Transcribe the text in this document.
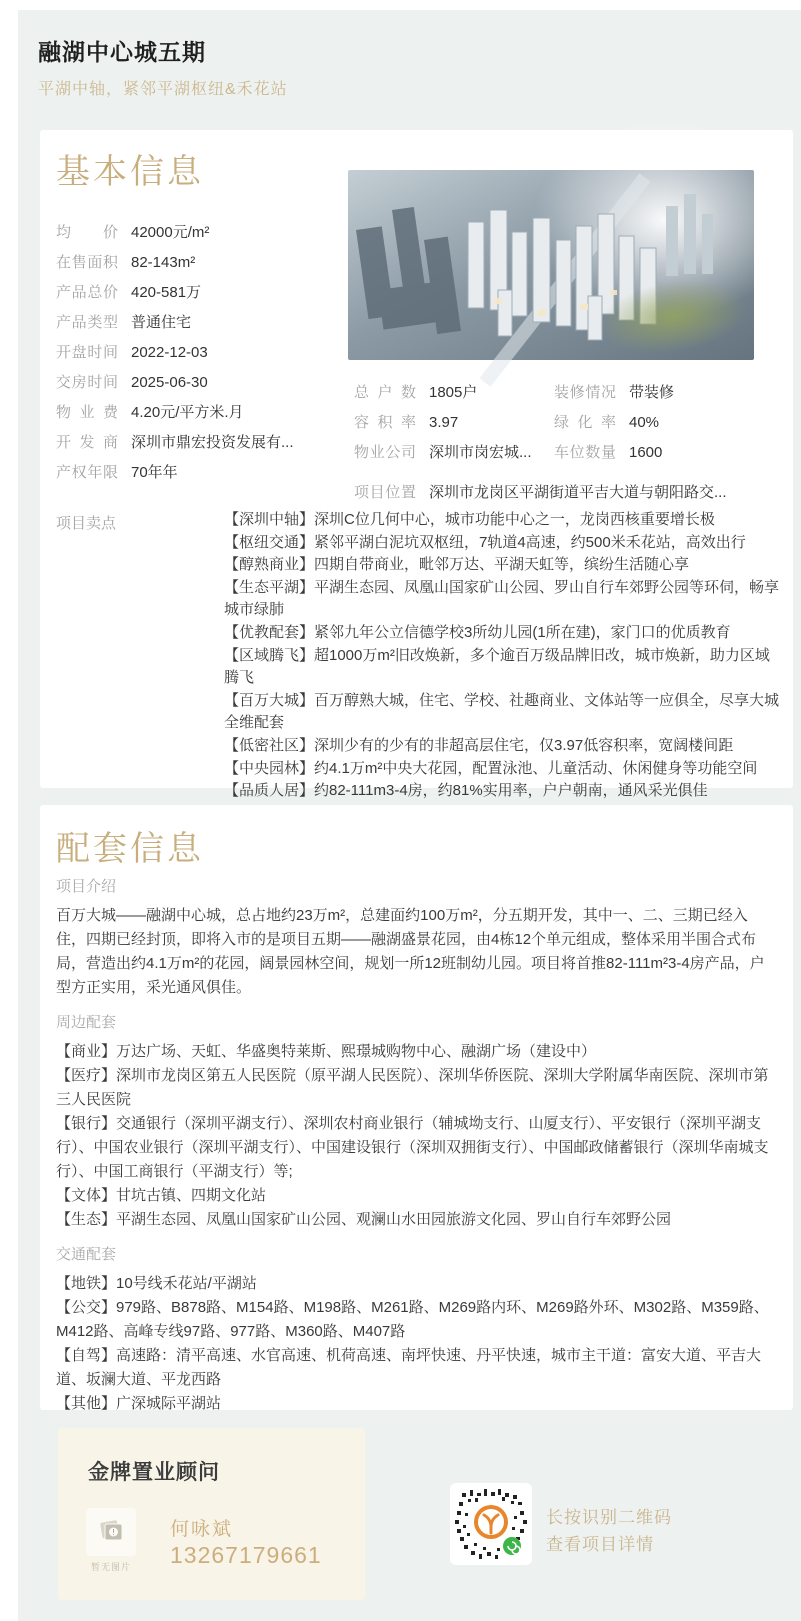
融湖中心城五期
平湖中轴，紧邻平湖枢纽&禾花站
基本信息
均价 42000元/m²
在售面积 82-143m²
产品总价 420-581万
产品类型 普通住宅
开盘时间 2022-12-03
交房时间 2025-06-30
物业费 4.20元/平方米.月
开发商 深圳市鼎宏投资发展有...
产权年限 70年年
总户数 1805户	装修情况 带装修
容积率 3.97	绿化率 40%
物业公司 深圳市岗宏城...	车位数量 1600
项目位置 深圳市龙岗区平湖街道平吉大道与朝阳路交...
项目卖点	【深圳中轴】深圳C位几何中心，城市功能中心之一，龙岗西核重要增长极
【枢纽交通】紧邻平湖白泥坑双枢纽，7轨道4高速，约500米禾花站，高效出行
【醇熟商业】四期自带商业，毗邻万达、平湖天虹等，缤纷生活随心享
【生态平湖】平湖生态园、凤凰山国家矿山公园、罗山自行车郊野公园等环伺，畅享城市绿肺
【优教配套】紧邻九年公立信德学校3所幼儿园(1所在建)，家门口的优质教育
【区域腾飞】超1000万m²旧改焕新，多个逾百万级品牌旧改，城市焕新，助力区域腾飞
【百万大城】百万醇熟大城，住宅、学校、社趣商业、文体站等一应俱全，尽享大城全维配套
【低密社区】深圳少有的少有的非超高层住宅，仅3.97低容积率，宽阔楼间距
【中央园林】约4.1万m²中央大花园，配置泳池、儿童活动、休闲健身等功能空间
【品质人居】约82-111m3-4房，约81%实用率，户户朝南，通风采光俱佳
配套信息
项目介绍
百万大城——融湖中心城，总占地约23万m²，总建面约100万m²，分五期开发，其中一、二、三期已经入住，四期已经封顶，即将入市的是项目五期——融湖盛景花园，由4栋12个单元组成，整体采用半围合式布局，营造出约4.1万m²的花园，阔景园林空间，规划一所12班制幼儿园。项目将首推82-111m²3-4房产品，户型方正实用，采光通风俱佳。
周边配套
【商业】万达广场、天虹、华盛奥特莱斯、熙璟城购物中心、融湖广场（建设中）
【医疗】深圳市龙岗区第五人民医院（原平湖人民医院）、深圳华侨医院、深圳大学附属华南医院、深圳市第三人民医院
【银行】交通银行（深圳平湖支行）、深圳农村商业银行（辅城坳支行、山厦支行）、平安银行（深圳平湖支行）、中国农业银行（深圳平湖支行）、中国建设银行（深圳双拥街支行）、中国邮政储蓄银行（深圳华南城支行）、中国工商银行（平湖支行）等;
【文体】甘坑古镇、四期文化站
【生态】平湖生态园、凤凰山国家矿山公园、观澜山水田园旅游文化园、罗山自行车郊野公园
交通配套
【地铁】10号线禾花站/平湖站
【公交】979路、B878路、M154路、M198路、M261路、M269路内环、M269路外环、M302路、M359路、M412路、高峰专线97路、977路、M360路、M407路
【自驾】高速路：清平高速、水官高速、机荷高速、南坪快速、丹平快速，城市主干道：富安大道、平吉大道、坂澜大道、平龙西路
【其他】广深城际平湖站
金牌置业顾问
!
暂无图片
何咏斌
13267179661
长按识别二维码
查看项目详情
